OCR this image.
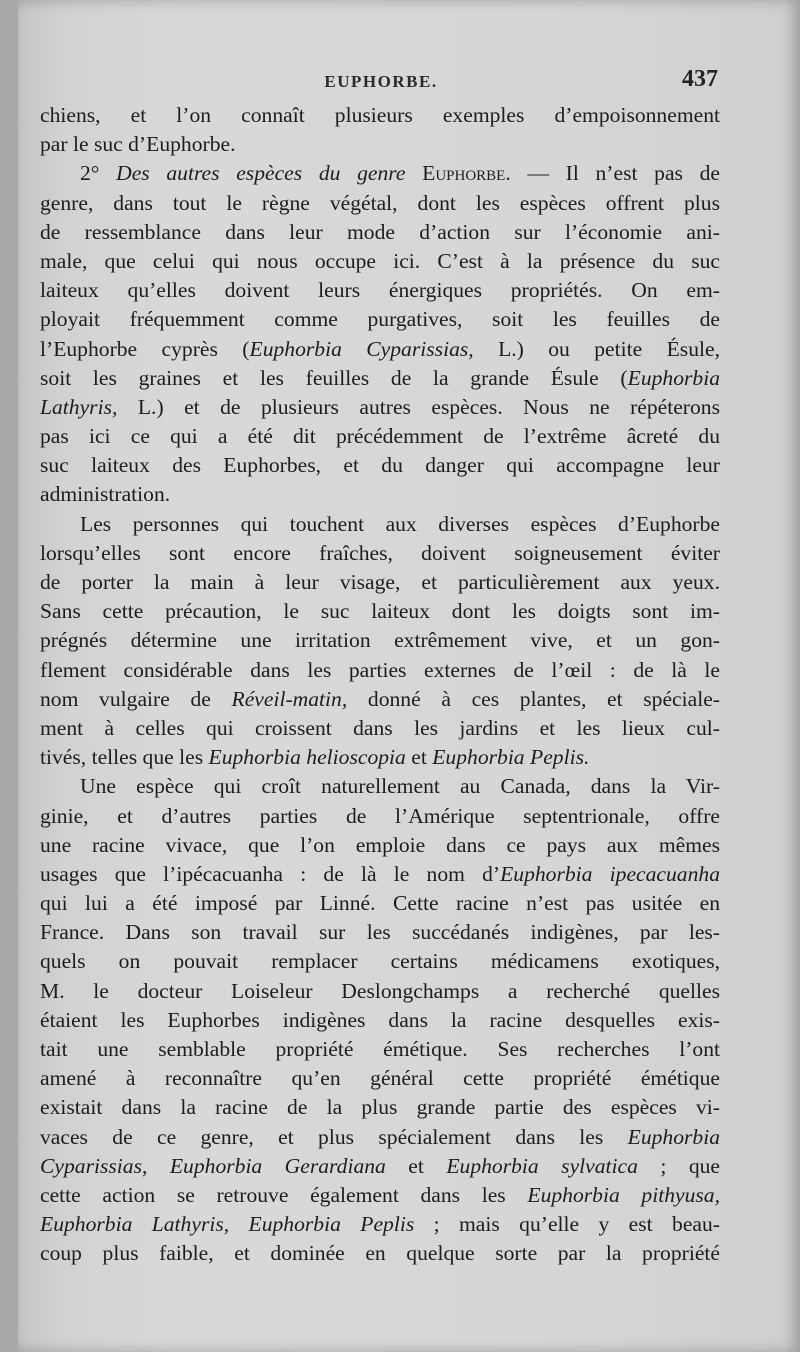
EUPHORBE.	437
chiens, et l’on connaît plusieurs exemples d’empoisonnement
par le suc d’Euphorbe.
2° Des autres espèces du genre Euphorbe. — Il n’est pas de
genre, dans tout le règne végétal, dont les espèces offrent plus
de ressemblance dans leur mode d’action sur l’économie ani-
male, que celui qui nous occupe ici. C’est à la présence du suc
laiteux qu’elles doivent leurs énergiques propriétés. On em-
ployait fréquemment comme purgatives, soit les feuilles de
l’Euphorbe cyprès (Euphorbia Cyparissias, L.) ou petite Ésule,
soit les graines et les feuilles de la grande Ésule (Euphorbia
Lathyris, L.) et de plusieurs autres espèces. Nous ne répéterons
pas ici ce qui a été dit précédemment de l’extrême âcreté du
suc laiteux des Euphorbes, et du danger qui accompagne leur
administration.
Les personnes qui touchent aux diverses espèces d’Euphorbe
lorsqu’elles sont encore fraîches, doivent soigneusement éviter
de porter la main à leur visage, et particulièrement aux yeux.
Sans cette précaution, le suc laiteux dont les doigts sont im-
prégnés détermine une irritation extrêmement vive, et un gon-
flement considérable dans les parties externes de l’œil : de là le
nom vulgaire de Réveil-matin, donné à ces plantes, et spéciale-
ment à celles qui croissent dans les jardins et les lieux cul-
tivés, telles que les Euphorbia helioscopia et Euphorbia Peplis.
Une espèce qui croît naturellement au Canada, dans la Vir-
ginie, et d’autres parties de l’Amérique septentrionale, offre
une racine vivace, que l’on emploie dans ce pays aux mêmes
usages que l’ipécacuanha : de là le nom d’Euphorbia ipecacuanha
qui lui a été imposé par Linné. Cette racine n’est pas usitée en
France. Dans son travail sur les succédanés indigènes, par les-
quels on pouvait remplacer certains médicamens exotiques,
M. le docteur Loiseleur Deslongchamps a recherché quelles
étaient les Euphorbes indigènes dans la racine desquelles exis-
tait une semblable propriété émétique. Ses recherches l’ont
amené à reconnaître qu’en général cette propriété émétique
existait dans la racine de la plus grande partie des espèces vi-
vaces de ce genre, et plus spécialement dans les Euphorbia
Cyparissias, Euphorbia Gerardiana et Euphorbia sylvatica ; que
cette action se retrouve également dans les Euphorbia pithyusa,
Euphorbia Lathyris, Euphorbia Peplis ; mais qu’elle y est beau-
coup plus faible, et dominée en quelque sorte par la propriété
